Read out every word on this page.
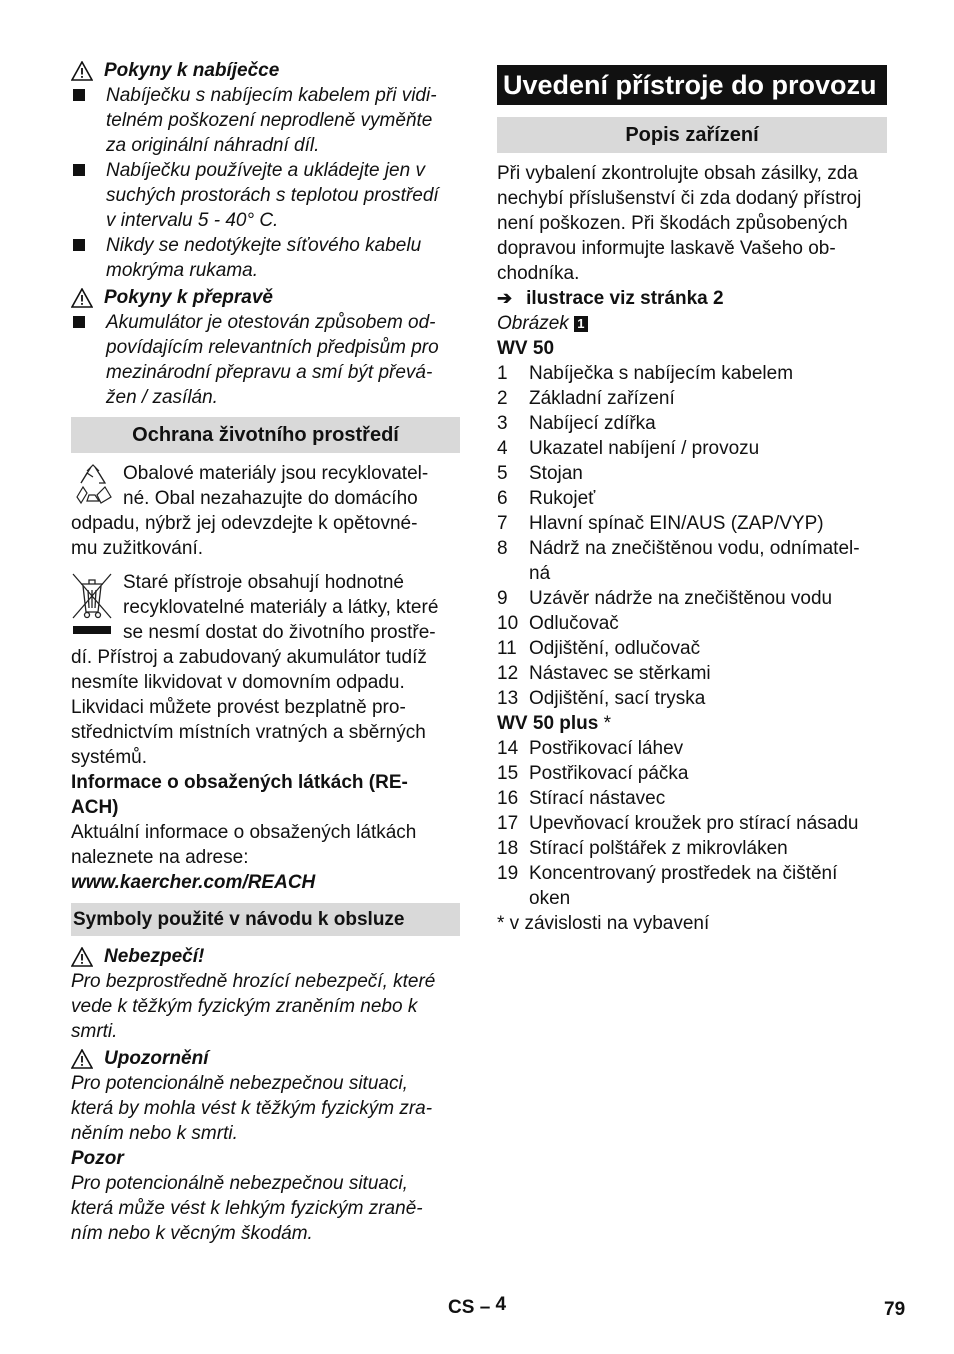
Pokyny k nabíječce
Nabíječku s nabíjecím kabelem při vidi-
telném poškození neprodleně vyměňte
za originální náhradní díl.
Nabíječku používejte a ukládejte jen v
suchých prostorách s teplotou prostředí
v intervalu 5 - 40° C.
Nikdy se nedotýkejte síťového kabelu
mokrýma rukama.
Pokyny k přepravě
Akumulátor je otestován způsobem od-
povídajícím relevantních předpisům pro
mezinárodní přepravu a smí být převá-
žen / zasílán.
Ochrana životního prostředí
Obalové materiály jsou recyklovatel-
né. Obal nezahazujte do domácího
odpadu, nýbrž jej odevzdejte k opětovné-
mu zužitkování.
Staré přístroje obsahují hodnotné
recyklovatelné materiály a látky, které
se nesmí dostat do životního prostře-
dí. Přístroj a zabudovaný akumulátor tudíž
nesmíte likvidovat v domovním odpadu.
Likvidaci můžete provést bezplatně pro-
střednictvím místních vratných a sběrných
systémů.
Informace o obsažených látkách (RE-
ACH)
Aktuální informace o obsažených látkách
naleznete na adrese:
www.kaercher.com/REACH
Symboly použité v návodu k obsluze
Nebezpečí!
Pro bezprostředně hrozící nebezpečí, které
vede k těžkým fyzickým zraněním nebo k
smrti.
Upozornění
Pro potencionálně nebezpečnou situaci,
která by mohla vést k těžkým fyzickým zra-
něním nebo k smrti.
Pozor
Pro potencionálně nebezpečnou situaci,
která může vést k lehkým fyzickým zraně-
ním nebo k věcným škodám.
Uvedení přístroje do provozu
Popis zařízení
Při vybalení zkontrolujte obsah zásilky, zda
nechybí příslušenství či zda dodaný přístroj
není poškozen. Při škodách způsobených
dopravou informujte laskavě Vašeho ob-
chodníka.
➔ ilustrace viz stránka 2
Obrázek 1
WV 50
1	Nabíječka s nabíjecím kabelem
2	Základní zařízení
3	Nabíjecí zdířka
4	Ukazatel nabíjení / provozu
5	Stojan
6	Rukojeť
7	Hlavní spínač EIN/AUS (ZAP/VYP)
8	Nádrž na znečištěnou vodu, odnímatel-
ná
9	Uzávěr nádrže na znečištěnou vodu
10 Odlučovač
11 Odjištění, odlučovač
12 Nástavec se stěrkami
13 Odjištění, sací tryska
WV 50 plus *
14 Postřikovací láhev
15 Postřikovací páčka
16 Stírací nástavec
17 Upevňovací kroužek pro stírací násadu
18 Stírací polštářek z mikrovláken
19 Koncentrovaný prostředek na čištění
oken
* v závislosti na vybavení
CS – 4	79
